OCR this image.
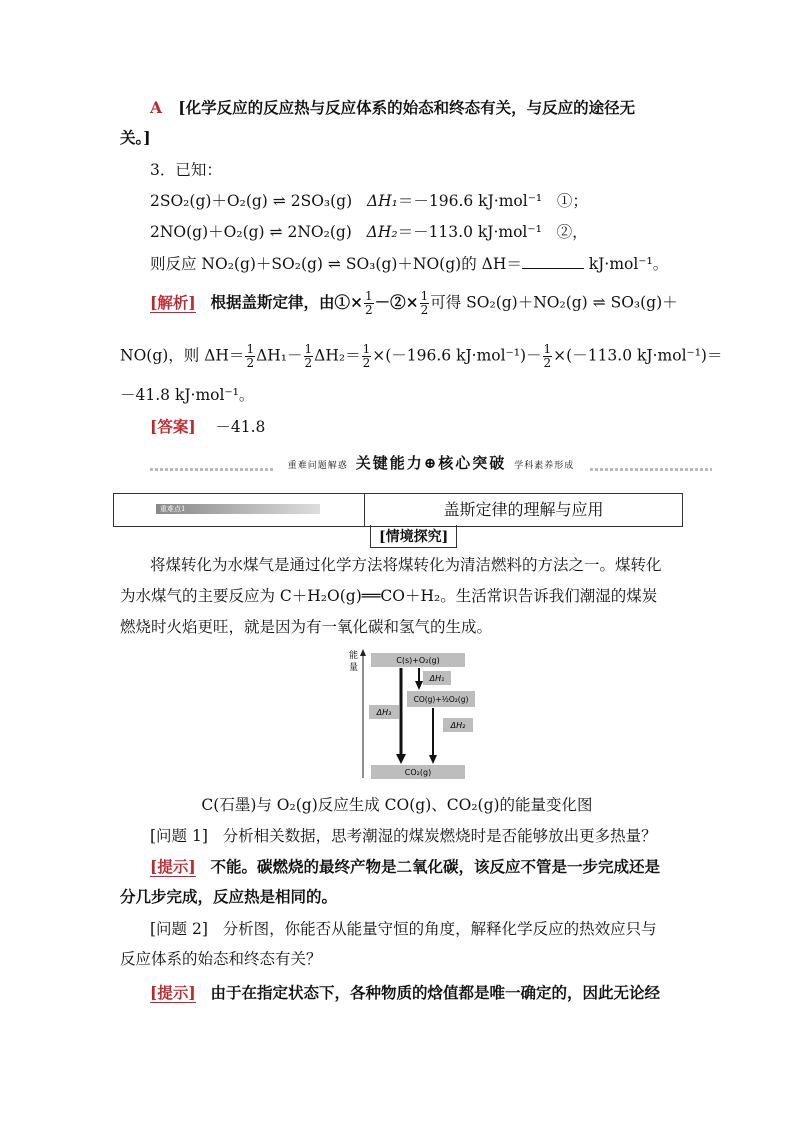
A [化学反应的反应热与反应体系的始态和终态有关，与反应的途径无
关。]
3．已知：
2SO₂(g)＋O₂(g) ⇌ 2SO₃(g) ΔH₁＝－196.6 kJ·mol⁻¹ ①；
2NO(g)＋O₂(g) ⇌ 2NO₂(g) ΔH₂＝－113.0 kJ·mol⁻¹ ②，
则反应 NO₂(g)＋SO₂(g) ⇌ SO₃(g)＋NO(g)的 ΔH＝	kJ·mol⁻¹。
[解析] 根据盖斯定律，由①× $\frac{1}{2}$ －②× $\frac{1}{2}$ 可得 SO₂(g)＋NO₂(g) ⇌ SO₃(g)＋
NO(g)，则 $\Delta H= \frac{1}{2} \Delta H_1- \frac{1}{2} \Delta H_2= \frac{1}{2} \times(-196.6$ $kJ\cdot mol^{-1})- \frac{1}{2} \times(-113.0$ kJ·mol⁻¹)＝
－41.8 kJ·mol⁻¹。
[答案] －41.8
重难问题解惑 关键能力⊕核心突破 学科素养形成
重难点1	盖斯定律的理解与应用
[情境探究]
将煤转化为水煤气是通过化学方法将煤转化为清洁燃料的方法之一。煤转化
为水煤气的主要反应为 C＋H₂O(g)══CO＋H₂。生活常识告诉我们潮湿的煤炭
燃烧时火焰更旺，就是因为有一氧化碳和氢气的生成。
能
量
C(s)+O₂(g)
ΔH₁
CO(g)+½O₂(g)
ΔH₃
ΔH₂
CO₂(g)
C(石墨)与 O₂(g)反应生成 CO(g)、CO₂(g)的能量变化图
[问题 1] 分析相关数据，思考潮湿的煤炭燃烧时是否能够放出更多热量？
[提示] 不能。碳燃烧的最终产物是二氧化碳，该反应不管是一步完成还是
分几步完成，反应热是相同的。
[问题 2] 分析图，你能否从能量守恒的角度，解释化学反应的热效应只与
反应体系的始态和终态有关？
[提示] 由于在指定状态下，各种物质的焓值都是唯一确定的，因此无论经
